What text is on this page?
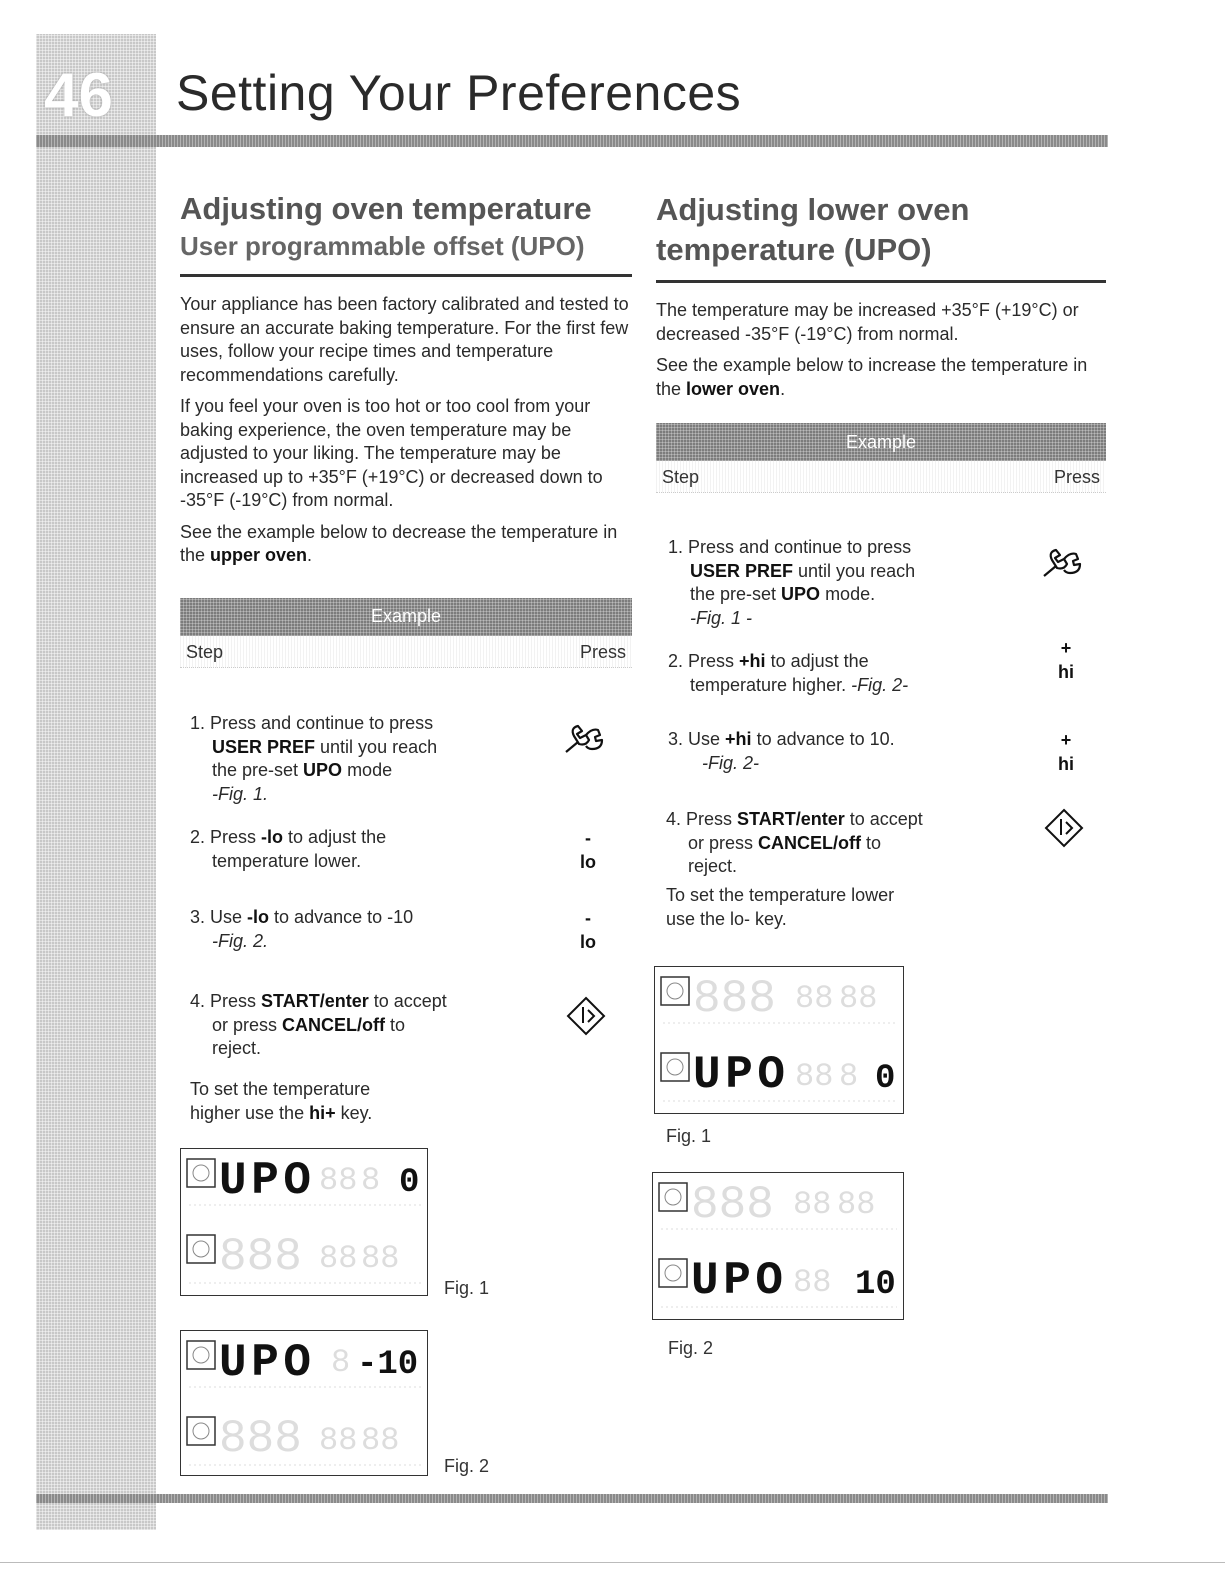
46 Setting Your Preferences
Adjusting oven temperature
User programmable offset (UPO)

Your appliance has been factory calibrated and tested to ensure an accurate baking temperature. For the first few uses, follow your recipe times and temperature recommendations carefully.

If you feel your oven is too hot or too cool from your baking experience, the oven temperature may be adjusted to your liking. The temperature may be increased up to +35°F (+19°C) or decreased down to -35°F (-19°C) from normal.

See the example below to decrease the temperature in the upper oven.

Example
Step	Press
1. Press and continue to press
USER PREF until you reach
the pre-set UPO mode
-Fig. 1.
2. Press -lo to adjust the
temperature lower.
-
lo
3. Use -lo to advance to -10
-Fig. 2.
-
lo
4. Press START/enter to accept
or press CANCEL/off to
reject.
To set the temperature
higher use the hi+ key.
UPO 88 8 0
888 88 88
Fig. 1
UPO 8 -10
888 88 88
Fig. 2
Adjusting lower oven
temperature (UPO)

The temperature may be increased +35°F (+19°C) or decreased -35°F (-19°C) from normal.

See the example below to increase the temperature in the lower oven.

Example
Step	Press
1. Press and continue to press
USER PREF until you reach
the pre-set UPO mode.
-Fig. 1 -
2. Press +hi to adjust the
temperature higher. -Fig. 2-
+
hi
3. Use +hi to advance to 10.
-Fig. 2-
+
hi
4. Press START/enter to accept
or press CANCEL/off to
reject.
To set the temperature lower
use the lo- key.
888 88 88
UPO 88 8 0
Fig. 1
888 88 88
UPO 88 10
Fig. 2
